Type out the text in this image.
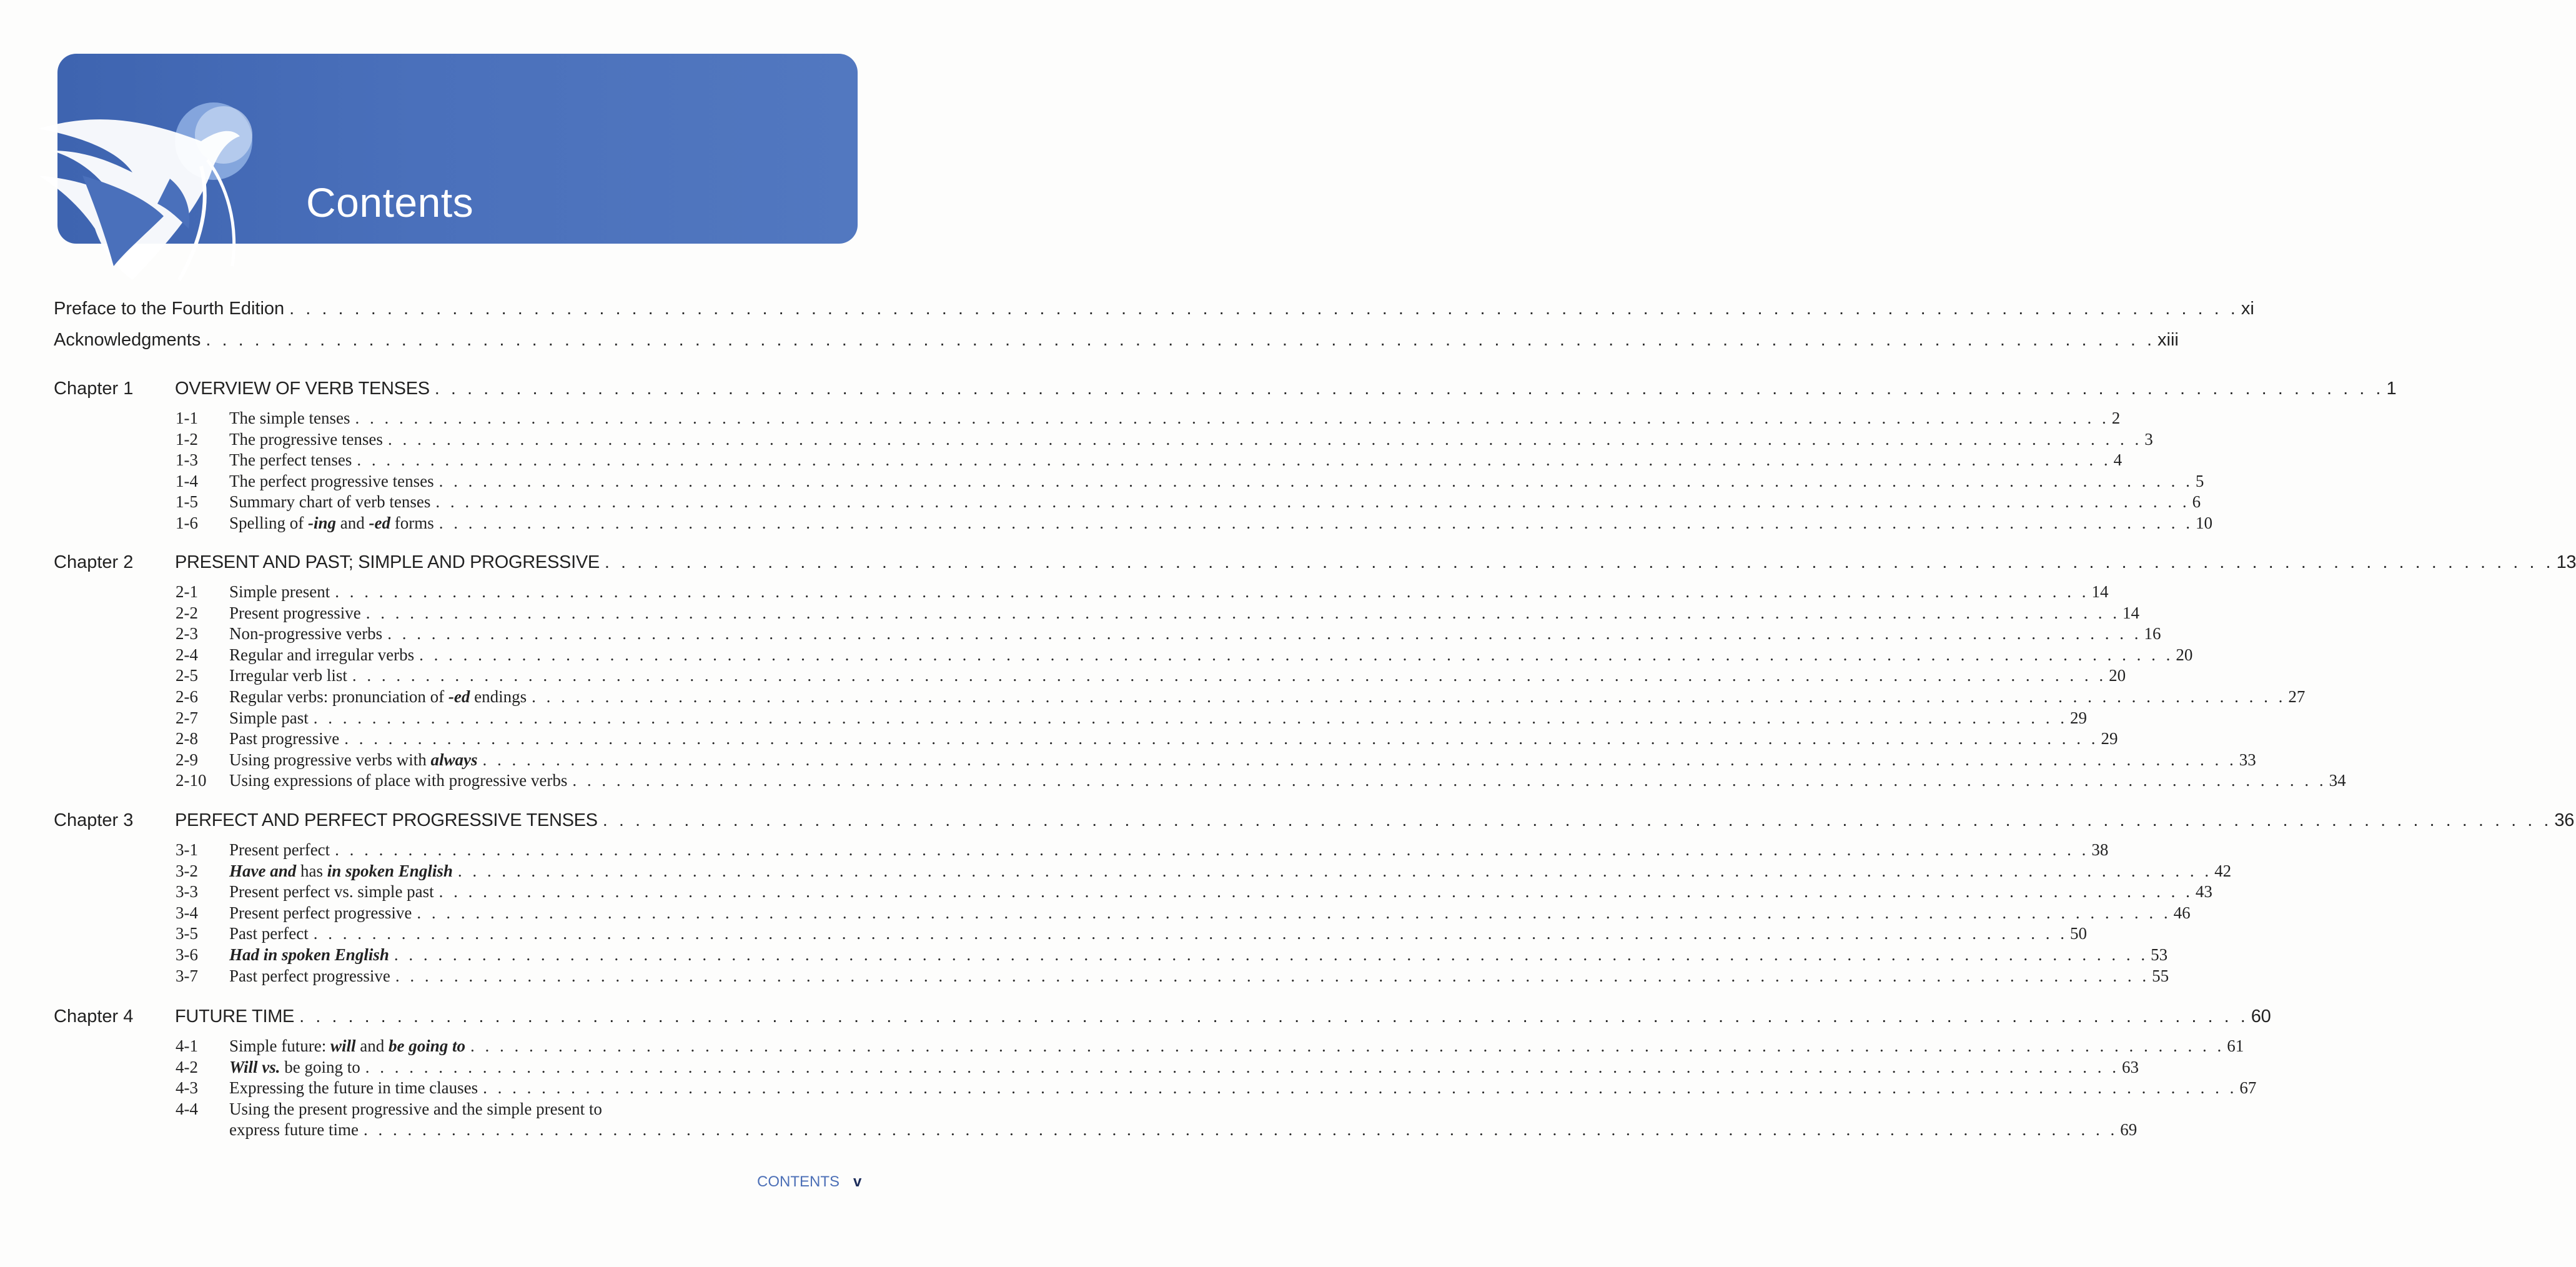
Contents
Preface to the Fourth Edition . . . . . . . . . . . . . . . . . . . . . . . . . . . . . . . . . . . . . . . . . . . . . . . . . . . . . . . . . . . . . . . . . . . . . . . . . . . . . . . . . . . . . . . . . . . . . . . . . . . . . . . . . . . . . . . . . . . . . . . . xi
Acknowledgments . . . . . . . . . . . . . . . . . . . . . . . . . . . . . . . . . . . . . . . . . . . . . . . . . . . . . . . . . . . . . . . . . . . . . . . . . . . . . . . . . . . . . . . . . . . . . . . . . . . . . . . . . . . . . . . . . . . . . . . . xiii
Chapter 1 OVERVIEW OF VERB TENSES . . . . . . . . . . . . . . . . . . . . . . . . . . . . . . . . . . . . . . . . . . . . . . . . . . . . . . . . . . . . . . . . . . . . . . . . . . . . . . . . . . . . . . . . . . . . . . . . . . . . . . . . . . . . . . . . . . . . . . . . 1
1-1 The simple tenses . . . . . . . . . . . . . . . . . . . . . . . . . . . . . . . . . . . . . . . . . . . . . . . . . . . . . . . . . . . . . . . . . . . . . . . . . . . . . . . . . . . . . . . . . . . . . . . . . . . . . . . . . . . . . . . . . . . . . . . . 2
1-2 The progressive tenses . . . . . . . . . . . . . . . . . . . . . . . . . . . . . . . . . . . . . . . . . . . . . . . . . . . . . . . . . . . . . . . . . . . . . . . . . . . . . . . . . . . . . . . . . . . . . . . . . . . . . . . . . . . . . . . . . . . . . . . . 3
1-3 The perfect tenses . . . . . . . . . . . . . . . . . . . . . . . . . . . . . . . . . . . . . . . . . . . . . . . . . . . . . . . . . . . . . . . . . . . . . . . . . . . . . . . . . . . . . . . . . . . . . . . . . . . . . . . . . . . . . . . . . . . . . . . . 4
1-4 The perfect progressive tenses . . . . . . . . . . . . . . . . . . . . . . . . . . . . . . . . . . . . . . . . . . . . . . . . . . . . . . . . . . . . . . . . . . . . . . . . . . . . . . . . . . . . . . . . . . . . . . . . . . . . . . . . . . . . . . . . . . . . . . . . 5
1-5 Summary chart of verb tenses . . . . . . . . . . . . . . . . . . . . . . . . . . . . . . . . . . . . . . . . . . . . . . . . . . . . . . . . . . . . . . . . . . . . . . . . . . . . . . . . . . . . . . . . . . . . . . . . . . . . . . . . . . . . . . . . . . . . . . . . 6
1-6 Spelling of -ing and -ed forms . . . . . . . . . . . . . . . . . . . . . . . . . . . . . . . . . . . . . . . . . . . . . . . . . . . . . . . . . . . . . . . . . . . . . . . . . . . . . . . . . . . . . . . . . . . . . . . . . . . . . . . . . . . . . . . . . . . . . . . . 10
Chapter 2 PRESENT AND PAST; SIMPLE AND PROGRESSIVE . . . . . . . . . . . . . . . . . . . . . . . . . . . . . . . . . . . . . . . . . . . . . . . . . . . . . . . . . . . . . . . . . . . . . . . . . . . . . . . . . . . . . . . . . . . . . . . . . . . . . . . . . . . . . . . . . . . . . . . . 13
2-1 Simple present . . . . . . . . . . . . . . . . . . . . . . . . . . . . . . . . . . . . . . . . . . . . . . . . . . . . . . . . . . . . . . . . . . . . . . . . . . . . . . . . . . . . . . . . . . . . . . . . . . . . . . . . . . . . . . . . . . . . . . . . 14
2-2 Present progressive . . . . . . . . . . . . . . . . . . . . . . . . . . . . . . . . . . . . . . . . . . . . . . . . . . . . . . . . . . . . . . . . . . . . . . . . . . . . . . . . . . . . . . . . . . . . . . . . . . . . . . . . . . . . . . . . . . . . . . . . 14
2-3 Non-progressive verbs . . . . . . . . . . . . . . . . . . . . . . . . . . . . . . . . . . . . . . . . . . . . . . . . . . . . . . . . . . . . . . . . . . . . . . . . . . . . . . . . . . . . . . . . . . . . . . . . . . . . . . . . . . . . . . . . . . . . . . . . 16
2-4 Regular and irregular verbs . . . . . . . . . . . . . . . . . . . . . . . . . . . . . . . . . . . . . . . . . . . . . . . . . . . . . . . . . . . . . . . . . . . . . . . . . . . . . . . . . . . . . . . . . . . . . . . . . . . . . . . . . . . . . . . . . . . . . . . . 20
2-5 Irregular verb list . . . . . . . . . . . . . . . . . . . . . . . . . . . . . . . . . . . . . . . . . . . . . . . . . . . . . . . . . . . . . . . . . . . . . . . . . . . . . . . . . . . . . . . . . . . . . . . . . . . . . . . . . . . . . . . . . . . . . . . . 20
2-6 Regular verbs: pronunciation of -ed endings . . . . . . . . . . . . . . . . . . . . . . . . . . . . . . . . . . . . . . . . . . . . . . . . . . . . . . . . . . . . . . . . . . . . . . . . . . . . . . . . . . . . . . . . . . . . . . . . . . . . . . . . . . . . . . . . . . . . . . . . 27
2-7 Simple past . . . . . . . . . . . . . . . . . . . . . . . . . . . . . . . . . . . . . . . . . . . . . . . . . . . . . . . . . . . . . . . . . . . . . . . . . . . . . . . . . . . . . . . . . . . . . . . . . . . . . . . . . . . . . . . . . . . . . . . . 29
2-8 Past progressive . . . . . . . . . . . . . . . . . . . . . . . . . . . . . . . . . . . . . . . . . . . . . . . . . . . . . . . . . . . . . . . . . . . . . . . . . . . . . . . . . . . . . . . . . . . . . . . . . . . . . . . . . . . . . . . . . . . . . . . . 29
2-9 Using progressive verbs with always . . . . . . . . . . . . . . . . . . . . . . . . . . . . . . . . . . . . . . . . . . . . . . . . . . . . . . . . . . . . . . . . . . . . . . . . . . . . . . . . . . . . . . . . . . . . . . . . . . . . . . . . . . . . . . . . . . . . . . . . 33
2-10 Using expressions of place with progressive verbs . . . . . . . . . . . . . . . . . . . . . . . . . . . . . . . . . . . . . . . . . . . . . . . . . . . . . . . . . . . . . . . . . . . . . . . . . . . . . . . . . . . . . . . . . . . . . . . . . . . . . . . . . . . . . . . . . . . . . . . . 34
Chapter 3 PERFECT AND PERFECT PROGRESSIVE TENSES . . . . . . . . . . . . . . . . . . . . . . . . . . . . . . . . . . . . . . . . . . . . . . . . . . . . . . . . . . . . . . . . . . . . . . . . . . . . . . . . . . . . . . . . . . . . . . . . . . . . . . . . . . . . . . . . . . . . . . . . 36
3-1 Present perfect . . . . . . . . . . . . . . . . . . . . . . . . . . . . . . . . . . . . . . . . . . . . . . . . . . . . . . . . . . . . . . . . . . . . . . . . . . . . . . . . . . . . . . . . . . . . . . . . . . . . . . . . . . . . . . . . . . . . . . . . 38
3-2 Have and has in spoken English . . . . . . . . . . . . . . . . . . . . . . . . . . . . . . . . . . . . . . . . . . . . . . . . . . . . . . . . . . . . . . . . . . . . . . . . . . . . . . . . . . . . . . . . . . . . . . . . . . . . . . . . . . . . . . . . . . . . . . . . 42
3-3 Present perfect vs. simple past . . . . . . . . . . . . . . . . . . . . . . . . . . . . . . . . . . . . . . . . . . . . . . . . . . . . . . . . . . . . . . . . . . . . . . . . . . . . . . . . . . . . . . . . . . . . . . . . . . . . . . . . . . . . . . . . . . . . . . . . 43
3-4 Present perfect progressive . . . . . . . . . . . . . . . . . . . . . . . . . . . . . . . . . . . . . . . . . . . . . . . . . . . . . . . . . . . . . . . . . . . . . . . . . . . . . . . . . . . . . . . . . . . . . . . . . . . . . . . . . . . . . . . . . . . . . . . . 46
3-5 Past perfect . . . . . . . . . . . . . . . . . . . . . . . . . . . . . . . . . . . . . . . . . . . . . . . . . . . . . . . . . . . . . . . . . . . . . . . . . . . . . . . . . . . . . . . . . . . . . . . . . . . . . . . . . . . . . . . . . . . . . . . . 50
3-6 Had in spoken English . . . . . . . . . . . . . . . . . . . . . . . . . . . . . . . . . . . . . . . . . . . . . . . . . . . . . . . . . . . . . . . . . . . . . . . . . . . . . . . . . . . . . . . . . . . . . . . . . . . . . . . . . . . . . . . . . . . . . . . . 53
3-7 Past perfect progressive . . . . . . . . . . . . . . . . . . . . . . . . . . . . . . . . . . . . . . . . . . . . . . . . . . . . . . . . . . . . . . . . . . . . . . . . . . . . . . . . . . . . . . . . . . . . . . . . . . . . . . . . . . . . . . . . . . . . . . . . 55
Chapter 4 FUTURE TIME . . . . . . . . . . . . . . . . . . . . . . . . . . . . . . . . . . . . . . . . . . . . . . . . . . . . . . . . . . . . . . . . . . . . . . . . . . . . . . . . . . . . . . . . . . . . . . . . . . . . . . . . . . . . . . . . . . . . . . . . 60
4-1 Simple future: will and be going to . . . . . . . . . . . . . . . . . . . . . . . . . . . . . . . . . . . . . . . . . . . . . . . . . . . . . . . . . . . . . . . . . . . . . . . . . . . . . . . . . . . . . . . . . . . . . . . . . . . . . . . . . . . . . . . . . . . . . . . . 61
4-2 Will vs. be going to . . . . . . . . . . . . . . . . . . . . . . . . . . . . . . . . . . . . . . . . . . . . . . . . . . . . . . . . . . . . . . . . . . . . . . . . . . . . . . . . . . . . . . . . . . . . . . . . . . . . . . . . . . . . . . . . . . . . . . . . 63
4-3 Expressing the future in time clauses . . . . . . . . . . . . . . . . . . . . . . . . . . . . . . . . . . . . . . . . . . . . . . . . . . . . . . . . . . . . . . . . . . . . . . . . . . . . . . . . . . . . . . . . . . . . . . . . . . . . . . . . . . . . . . . . . . . . . . . . 67
4-4 Using the present progressive and the simple present to
express future time . . . . . . . . . . . . . . . . . . . . . . . . . . . . . . . . . . . . . . . . . . . . . . . . . . . . . . . . . . . . . . . . . . . . . . . . . . . . . . . . . . . . . . . . . . . . . . . . . . . . . . . . . . . . . . . . . . . . . . . . 69
CONTENTS v
